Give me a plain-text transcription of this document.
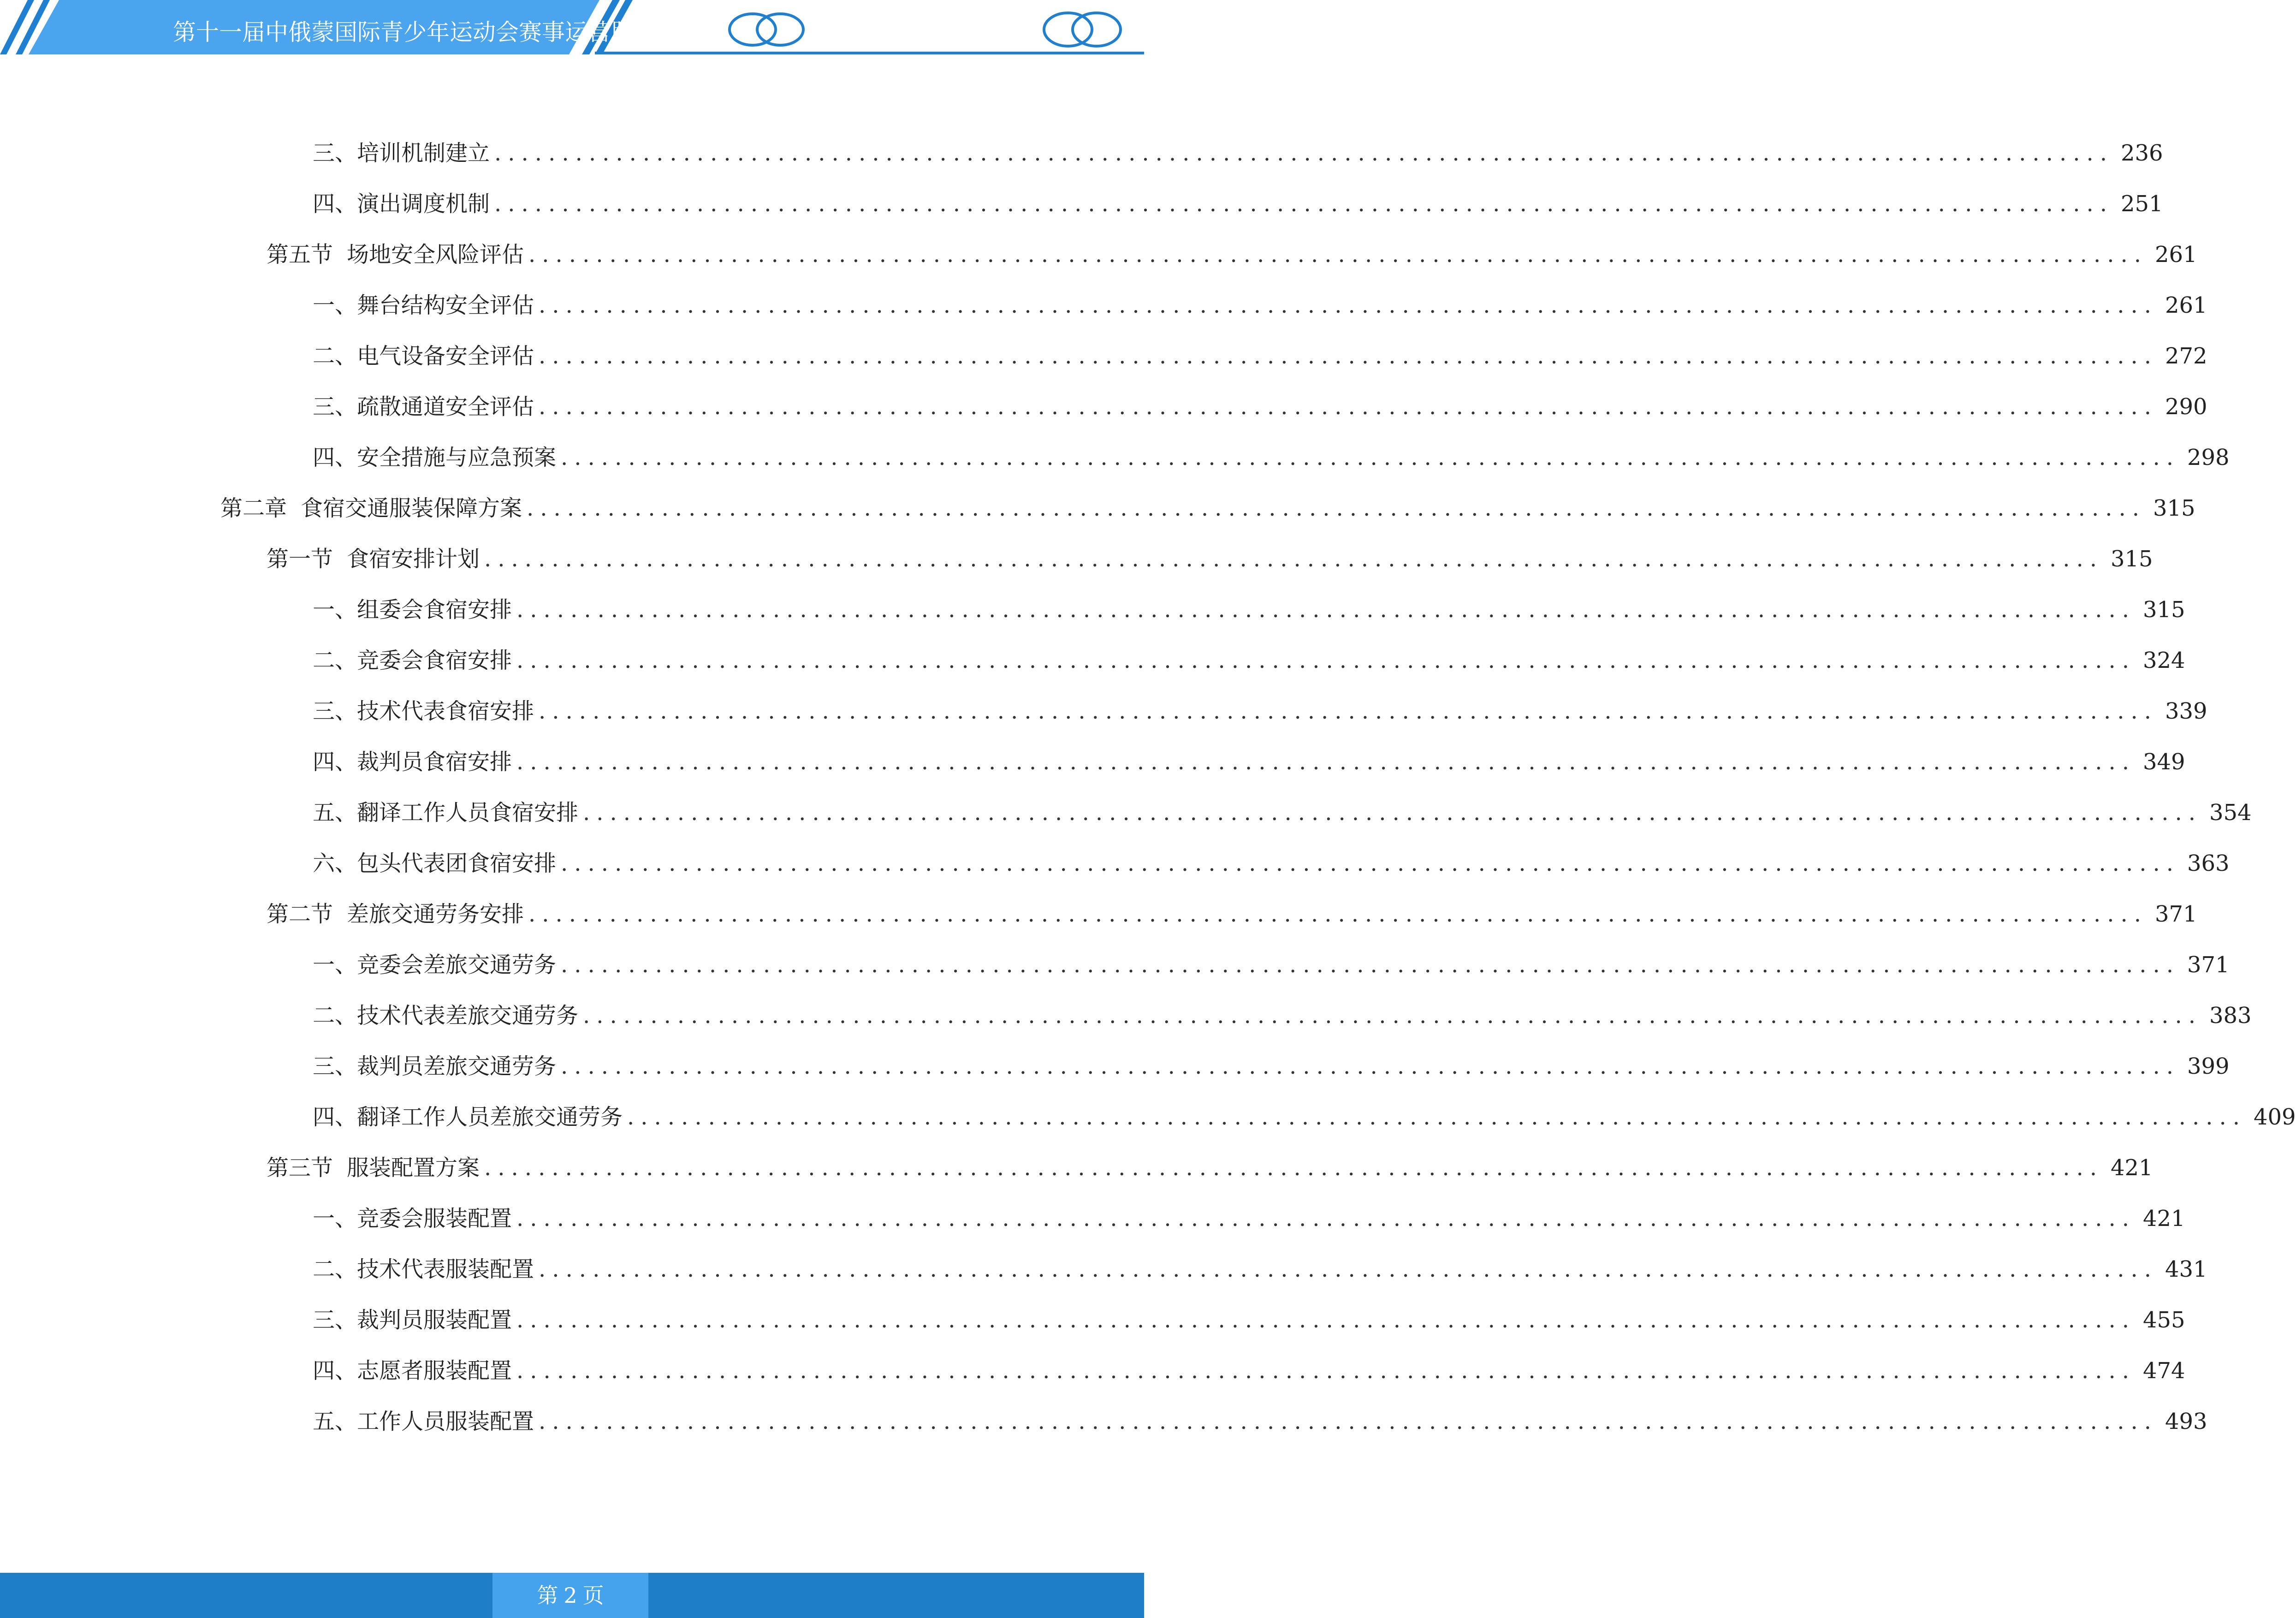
第十一届中俄蒙国际青少年运动会赛事运营服务方案
三、 培训机制建立 ........................................................................................................................ 236
四、 演出调度机制 ........................................................................................................................ 251
第五节 场地安全风险评估 ........................................................................................................................ 261
一、 舞台结构安全评估 ........................................................................................................................ 261
二、 电气设备安全评估 ........................................................................................................................ 272
三、 疏散通道安全评估 ........................................................................................................................ 290
四、 安全措施与应急预案 ........................................................................................................................ 298
第二章 食宿交通服装保障方案 ........................................................................................................................ 315
第一节 食宿安排计划 ........................................................................................................................ 315
一、 组委会食宿安排 ........................................................................................................................ 315
二、 竞委会食宿安排 ........................................................................................................................ 324
三、 技术代表食宿安排 ........................................................................................................................ 339
四、 裁判员食宿安排 ........................................................................................................................ 349
五、 翻译工作人员食宿安排 ........................................................................................................................ 354
六、 包头代表团食宿安排 ........................................................................................................................ 363
第二节 差旅交通劳务安排 ........................................................................................................................ 371
一、 竞委会差旅交通劳务 ........................................................................................................................ 371
二、 技术代表差旅交通劳务 ........................................................................................................................ 383
三、 裁判员差旅交通劳务 ........................................................................................................................ 399
四、 翻译工作人员差旅交通劳务 ........................................................................................................................ 409
第三节 服装配置方案 ........................................................................................................................ 421
一、 竞委会服装配置 ........................................................................................................................ 421
二、 技术代表服装配置 ........................................................................................................................ 431
三、 裁判员服装配置 ........................................................................................................................ 455
四、 志愿者服装配置 ........................................................................................................................ 474
五、 工作人员服装配置 ........................................................................................................................ 493
第 2 页
